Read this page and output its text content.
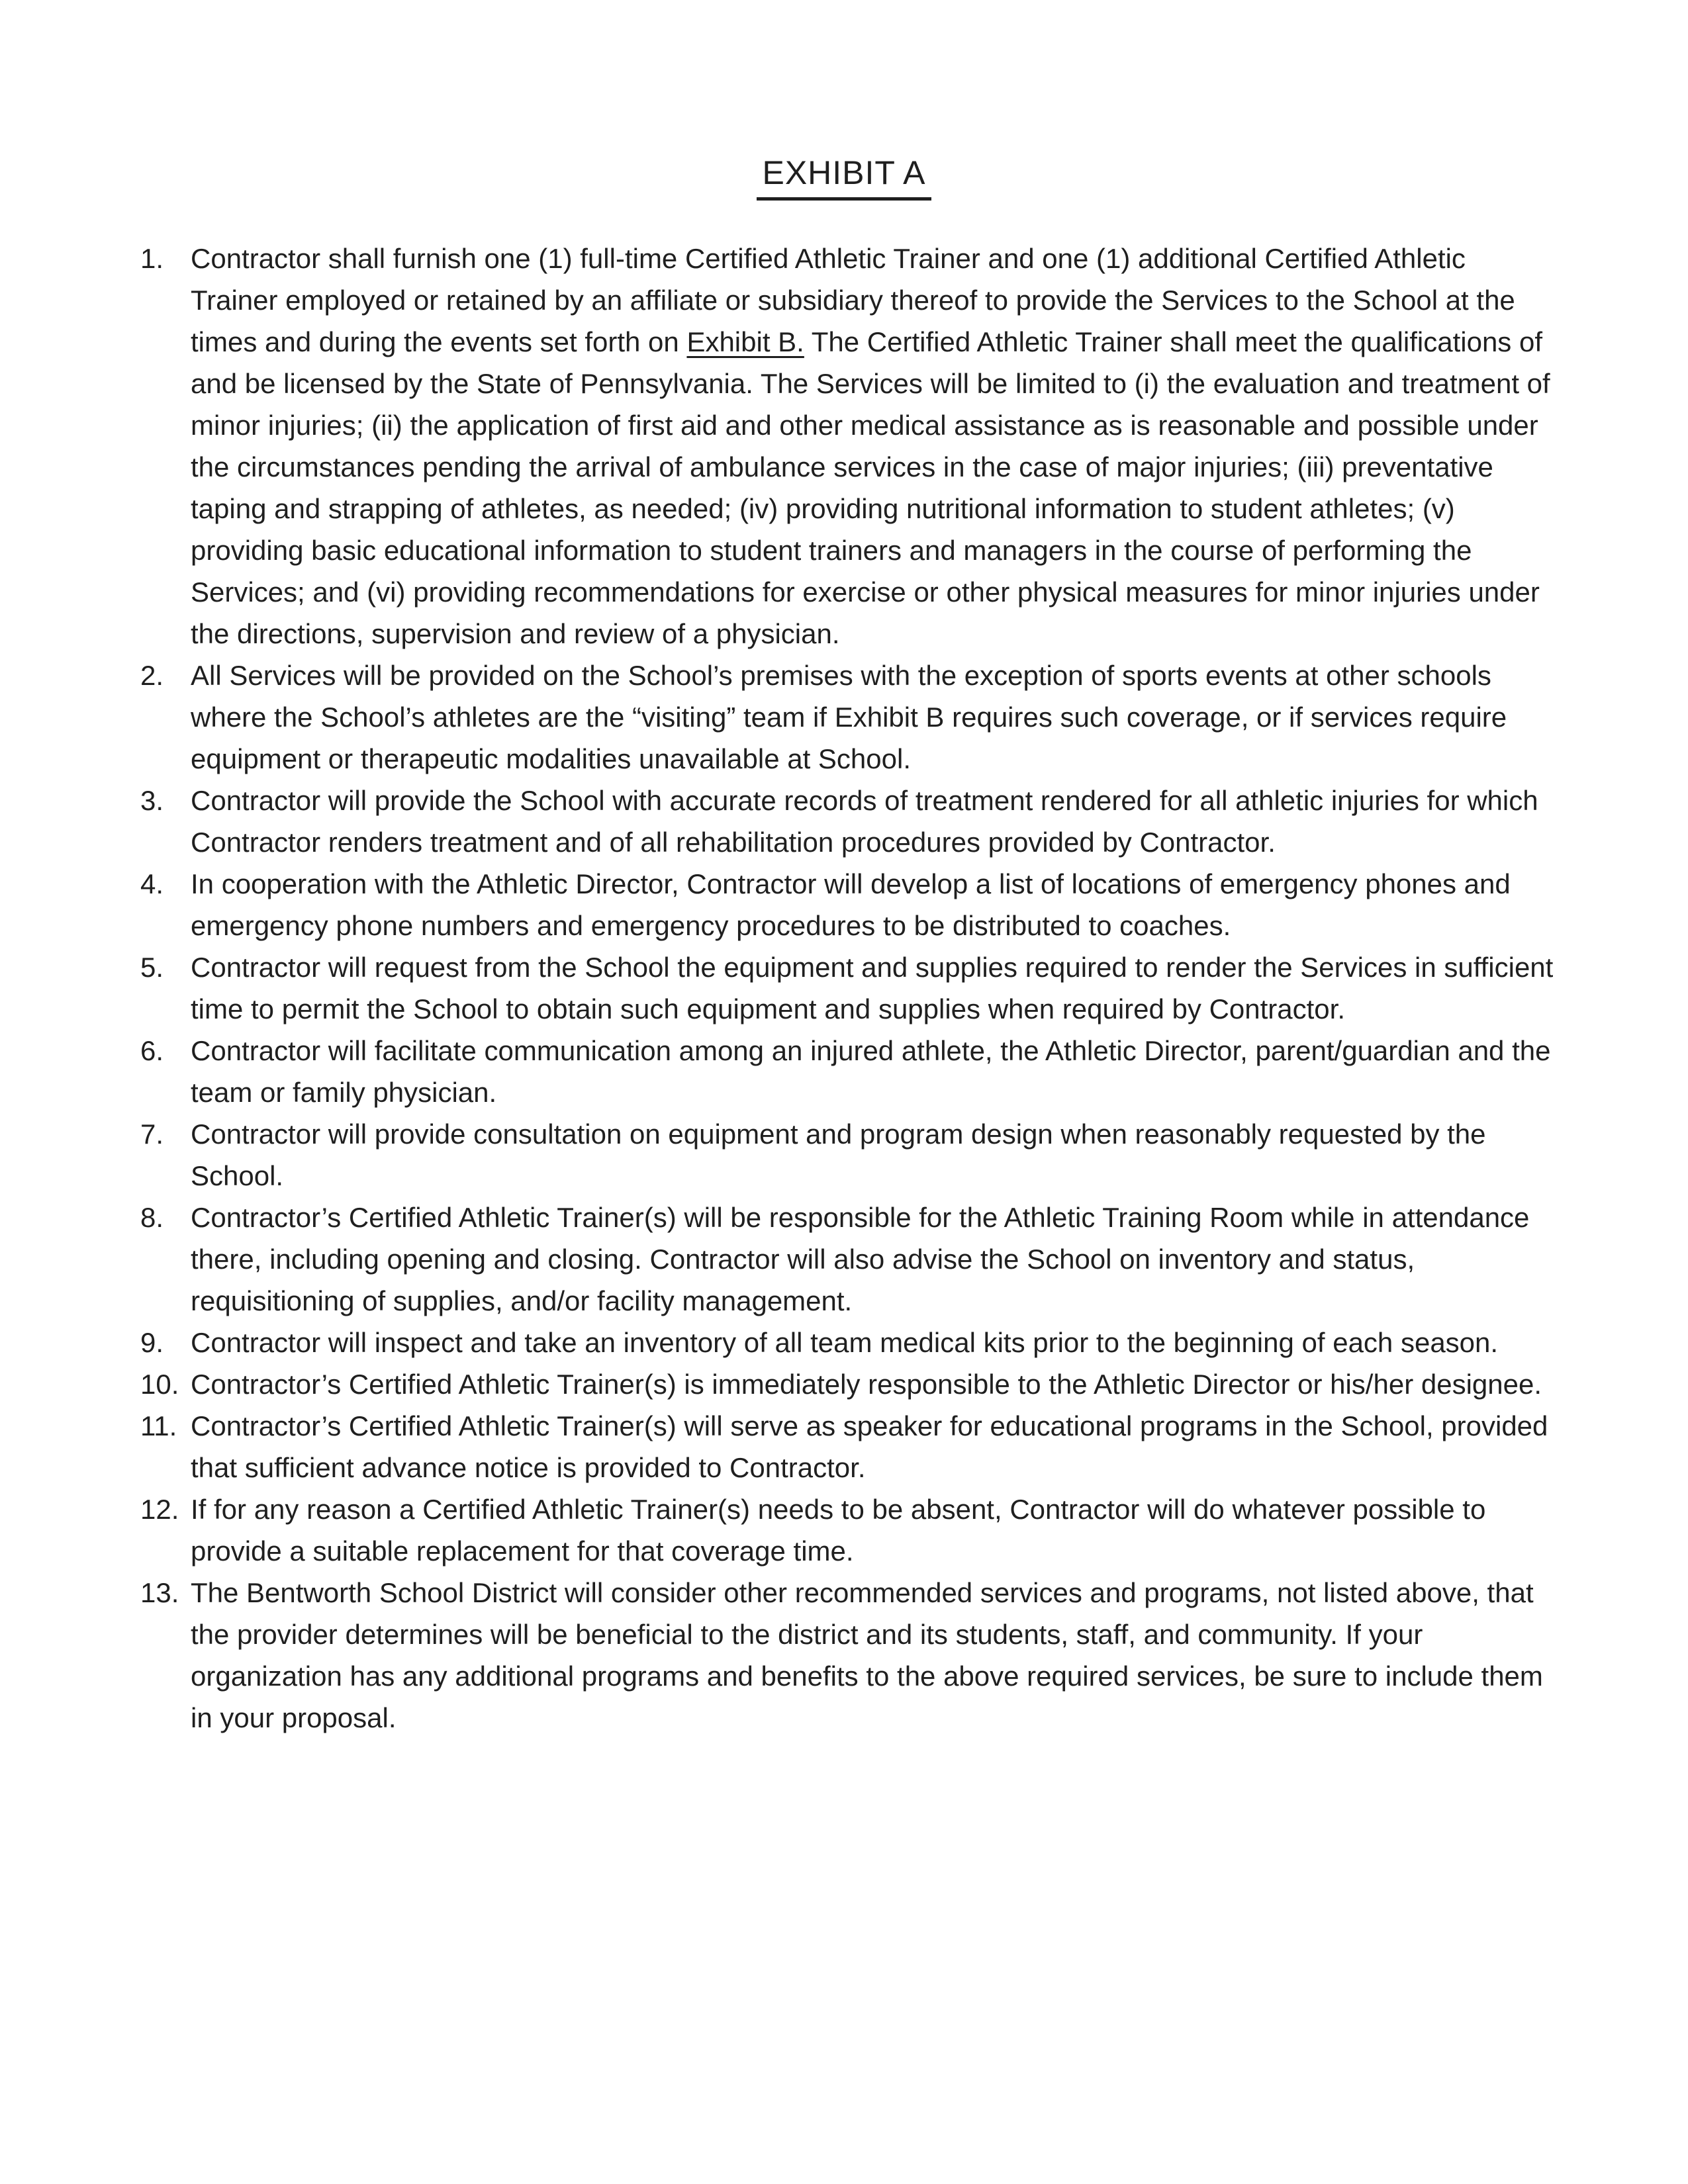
EXHIBIT A
1. Contractor shall furnish one (1) full-time Certified Athletic Trainer and one (1) additional Certified Athletic Trainer employed or retained by an affiliate or subsidiary thereof to provide the Services to the School at the times and during the events set forth on Exhibit B. The Certified Athletic Trainer shall meet the qualifications of and be licensed by the State of Pennsylvania. The Services will be limited to (i) the evaluation and treatment of minor injuries; (ii) the application of first aid and other medical assistance as is reasonable and possible under the circumstances pending the arrival of ambulance services in the case of major injuries; (iii) preventative taping and strapping of athletes, as needed; (iv) providing nutritional information to student athletes; (v) providing basic educational information to student trainers and managers in the course of performing the Services; and (vi) providing recommendations for exercise or other physical measures for minor injuries under the directions, supervision and review of a physician.
2. All Services will be provided on the School’s premises with the exception of sports events at other schools where the School’s athletes are the “visiting” team if Exhibit B requires such coverage, or if services require equipment or therapeutic modalities unavailable at School.
3. Contractor will provide the School with accurate records of treatment rendered for all athletic injuries for which Contractor renders treatment and of all rehabilitation procedures provided by Contractor.
4. In cooperation with the Athletic Director, Contractor will develop a list of locations of emergency phones and emergency phone numbers and emergency procedures to be distributed to coaches.
5. Contractor will request from the School the equipment and supplies required to render the Services in sufficient time to permit the School to obtain such equipment and supplies when required by Contractor.
6. Contractor will facilitate communication among an injured athlete, the Athletic Director, parent/guardian and the team or family physician.
7. Contractor will provide consultation on equipment and program design when reasonably requested by the School.
8. Contractor’s Certified Athletic Trainer(s) will be responsible for the Athletic Training Room while in attendance there, including opening and closing. Contractor will also advise the School on inventory and status, requisitioning of supplies, and/or facility management.
9. Contractor will inspect and take an inventory of all team medical kits prior to the beginning of each season.
10. Contractor’s Certified Athletic Trainer(s) is immediately responsible to the Athletic Director or his/her designee.
11. Contractor’s Certified Athletic Trainer(s) will serve as speaker for educational programs in the School, provided that sufficient advance notice is provided to Contractor.
12. If for any reason a Certified Athletic Trainer(s) needs to be absent, Contractor will do whatever possible to provide a suitable replacement for that coverage time.
13. The Bentworth School District will consider other recommended services and programs, not listed above, that the provider determines will be beneficial to the district and its students, staff, and community. If your organization has any additional programs and benefits to the above required services, be sure to include them in your proposal.
